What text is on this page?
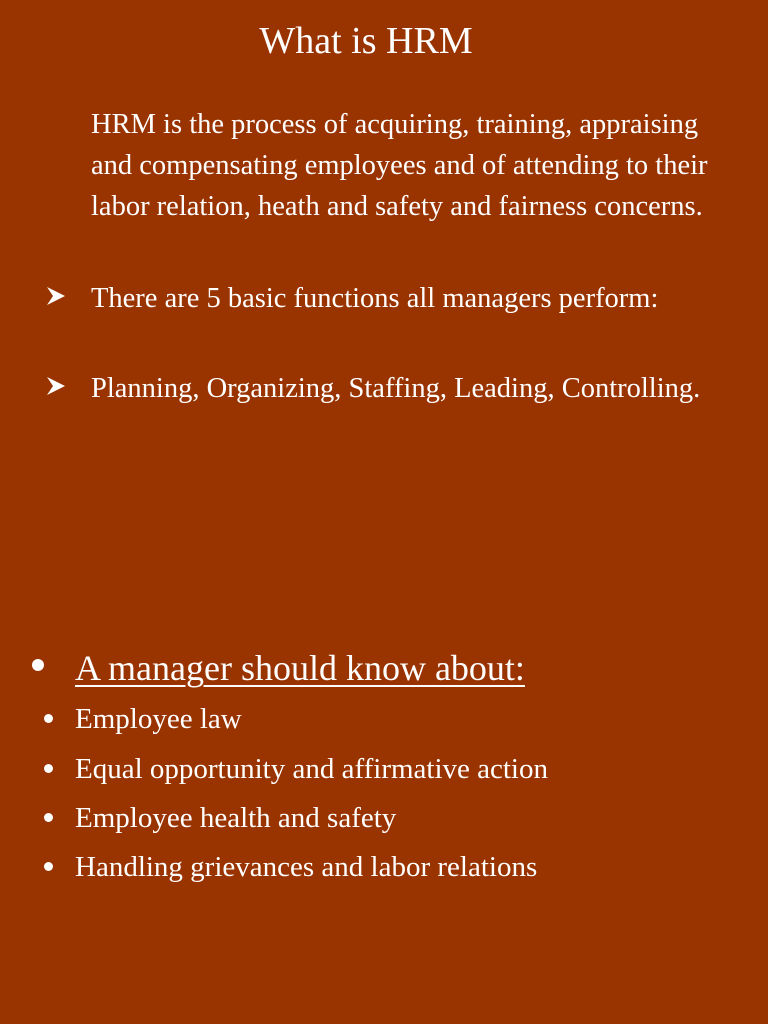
What is HRM

HRM is the process of acquiring, training, appraising and compensating employees and of attending to their labor relation, heath and safety and fairness concerns.

There are 5 basic functions all managers perform:

Planning, Organizing, Staffing, Leading, Controlling.

A manager should know about:
Employee law
Equal opportunity and affirmative action
Employee health and safety
Handling grievances and labor relations
